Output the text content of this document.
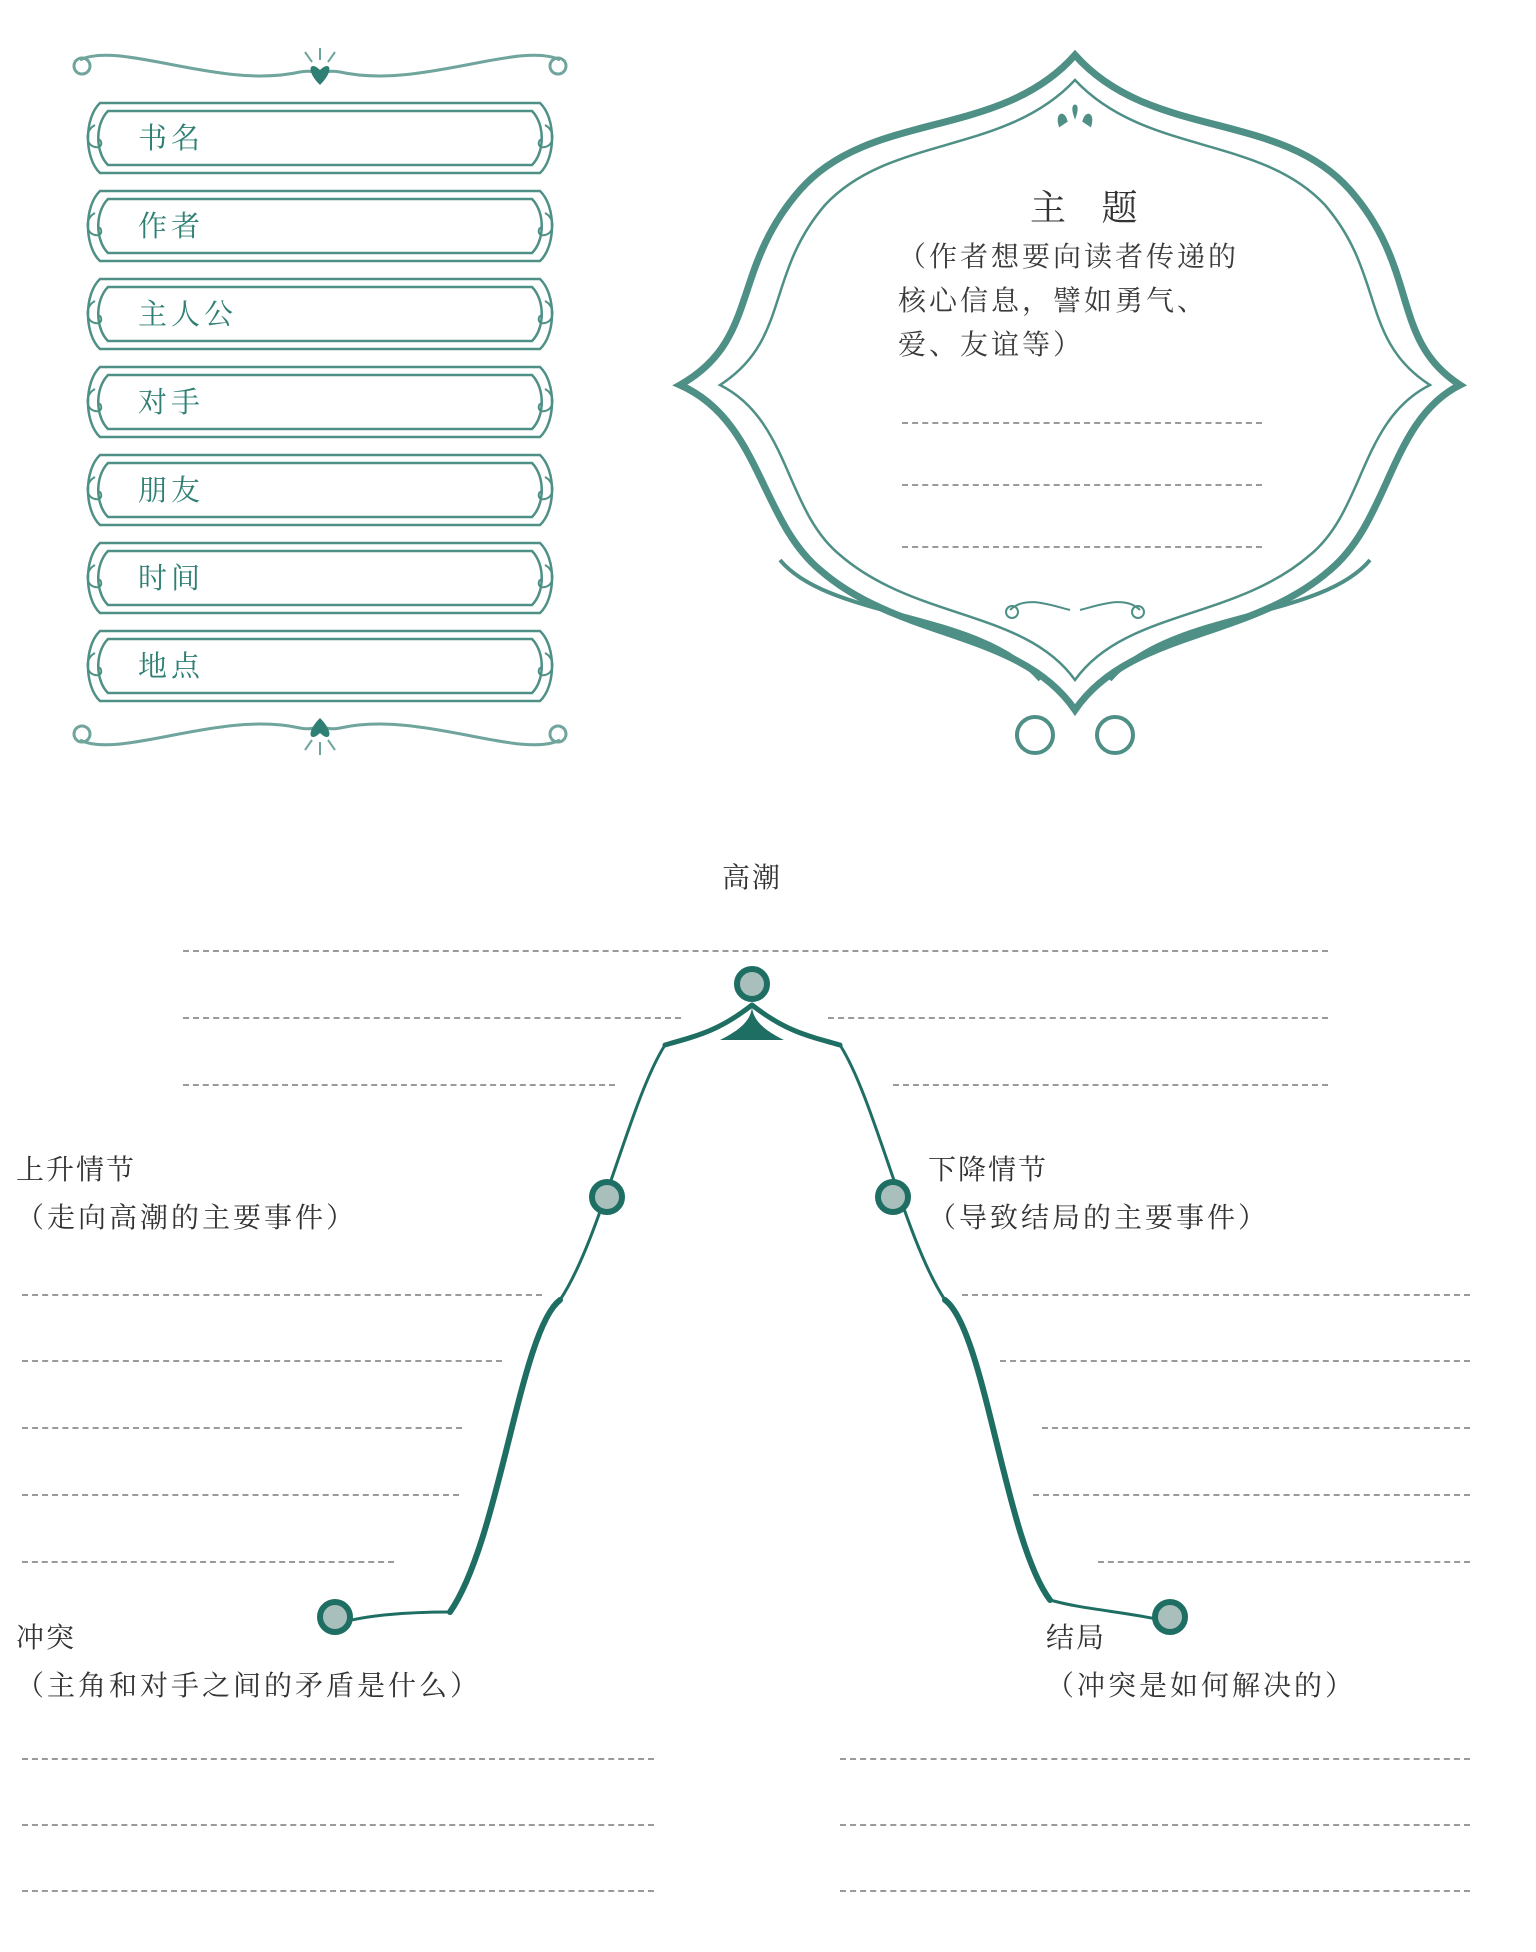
书名
作者
主人公
对手
朋友
时间
地点
主 题
（作者想要向读者传递的核心信息，譬如勇气、爱、友谊等）
高潮
上升情节
（走向高潮的主要事件）
下降情节
（导致结局的主要事件）
冲突
（主角和对手之间的矛盾是什么）
结局
（冲突是如何解决的）
